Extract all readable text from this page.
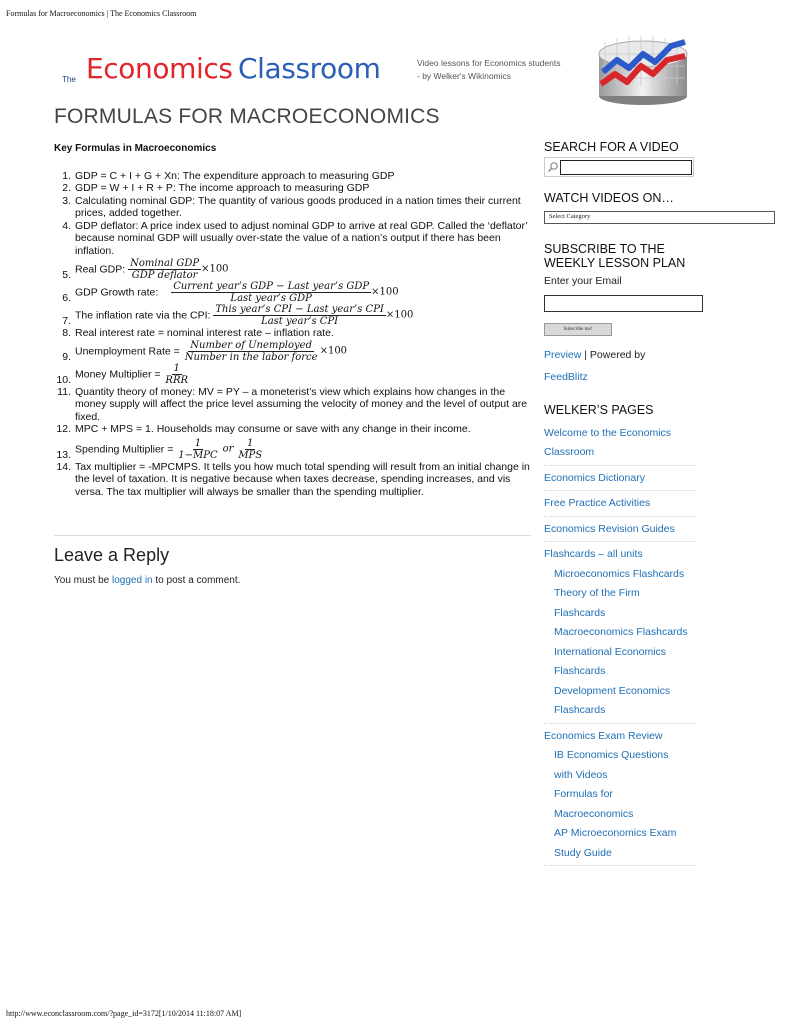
Formulas for Macroeconomics | The Economics Classroom
The Economics Classroom	Video lessons for Economics students
- by Welker's Wikinomics
FORMULAS FOR MACROECONOMICS
Key Formulas in Macroeconomics
1. GDP = C + I + G + Xn: The expenditure approach to measuring GDP
2. GDP = W + I + R + P: The income approach to measuring GDP
3. Calculating nominal GDP: The quantity of various goods produced in a nation times their current prices, added together.
4. GDP deflator: A price index used to adjust nominal GDP to arrive at real GDP. Called the ‘deflator’ because nominal GDP will usually over-state the value of a nation’s output if there has been inflation.
5. Real GDP: $\frac{\text{Nominal GDP}}{\text{GDP deflator}} \times 100$
6. GDP Growth rate: $\frac{\text{Current year’s GDP − Last year’s GDP}}{\text{Last year’s GDP}} \times 100$
7. The inflation rate via the CPI: $\frac{\text{This year’s CPI − Last year’s CPI}}{\text{Last year’s CPI}} \times 100$
8. Real interest rate = nominal interest rate – inflation rate.
9. Unemployment Rate = $\frac{\text{Number of Unemployed}}{\text{Number in the labor force}} \times 100$
10. Money Multiplier = $\frac{1}{\text{RRR}}$
11. Quantity theory of money: MV = PY – a moneterist’s view which explains how changes in the money supply will affect the price level assuming the velocity of money and the level of output are fixed.
12. MPC + MPS = 1. Households may consume or save with any change in their income.
13. Spending Multiplier = $\frac{1}{\text{1−MPC}}$ or $\frac{1}{\text{MPS}}$
14. Tax multiplier = -MPCMPS. It tells you how much total spending will result from an initial change in the level of taxation. It is negative because when taxes decrease, spending increases, and vis versa. The tax multiplier will always be smaller than the spending multiplier.
Leave a Reply
You must be logged in to post a comment.
SEARCH FOR A VIDEO
WATCH VIDEOS ON…
Select Category
SUBSCRIBE TO THE WEEKLY LESSON PLAN
Enter your Email
Subscribe me!
Preview | Powered by
FeedBlitz
WELKER’S PAGES
Welcome to the Economics
Classroom
Economics Dictionary
Free Practice Activities
Economics Revision Guides
Flashcards – all units
Microeconomics Flashcards
Theory of the Firm
Flashcards
Macroeconomics Flashcards
International Economics
Flashcards
Development Economics
Flashcards
Economics Exam Review
IB Economics Questions
with Videos
Formulas for
Macroeconomics
AP Microeconomics Exam
Study Guide
http://www.econclassroom.com/?page_id=3172[1/10/2014 11:18:07 AM]
